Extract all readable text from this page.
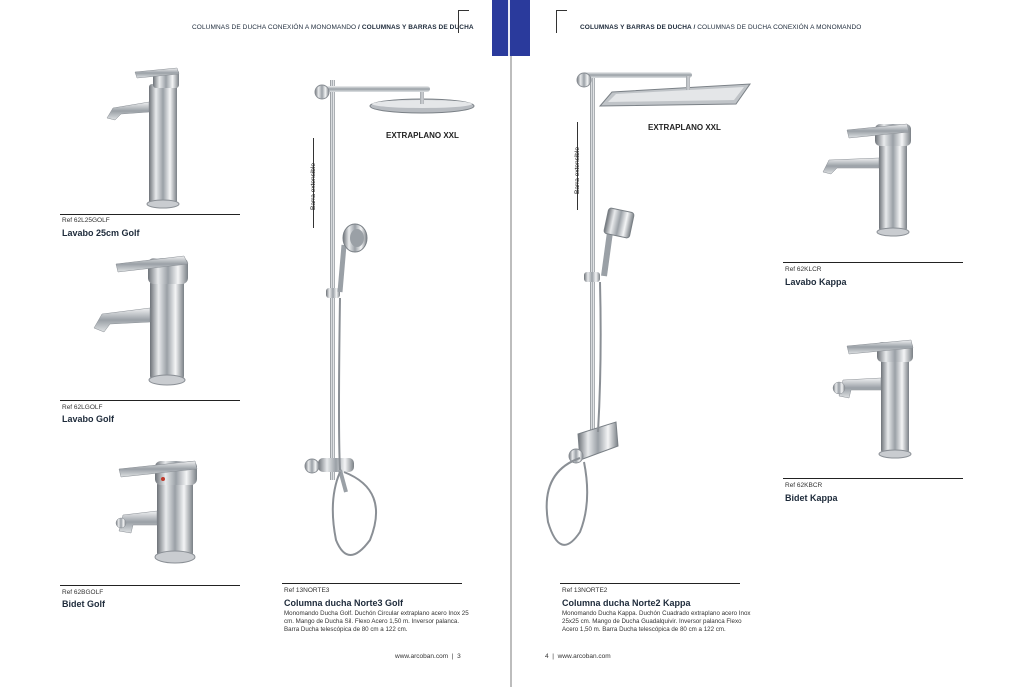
COLUMNAS DE DUCHA CONEXIÓN A MONOMANDO / COLUMNAS Y BARRAS DE DUCHA	COLUMNAS Y BARRAS DE DUCHA / COLUMNAS DE DUCHA CONEXIÓN A MONOMANDO
Ref 62L25GOLF
Lavabo 25cm Golf
Ref 62LGOLF
Lavabo Golf
Ref 62BGOLF
Bidet Golf
EXTRAPLANO XXL
Barra extensible
Ref 13NORTE3
Columna ducha Norte3 Golf
Monomando Ducha Golf. Duchón Circular extraplano acero Inox 25 cm. Mango de Ducha Sil. Flexo Acero 1,50 m. Inversor palanca. Barra Ducha telescópica de 80 cm a 122 cm.
www.arcoban.com | 3
EXTRAPLANO XXL
Barra extensible
Ref 13NORTE2
Columna ducha Norte2 Kappa
Monomando Ducha Kappa. Duchón Cuadrado extraplano acero Inox 25x25 cm. Mango de Ducha Guadalquivir. Inversor palanca Flexo Acero 1,50 m. Barra Ducha telescópica de 80 cm a 122 cm.
Ref 62KLCR
Lavabo Kappa
Ref 62KBCR
Bidet Kappa
4 | www.arcoban.com
